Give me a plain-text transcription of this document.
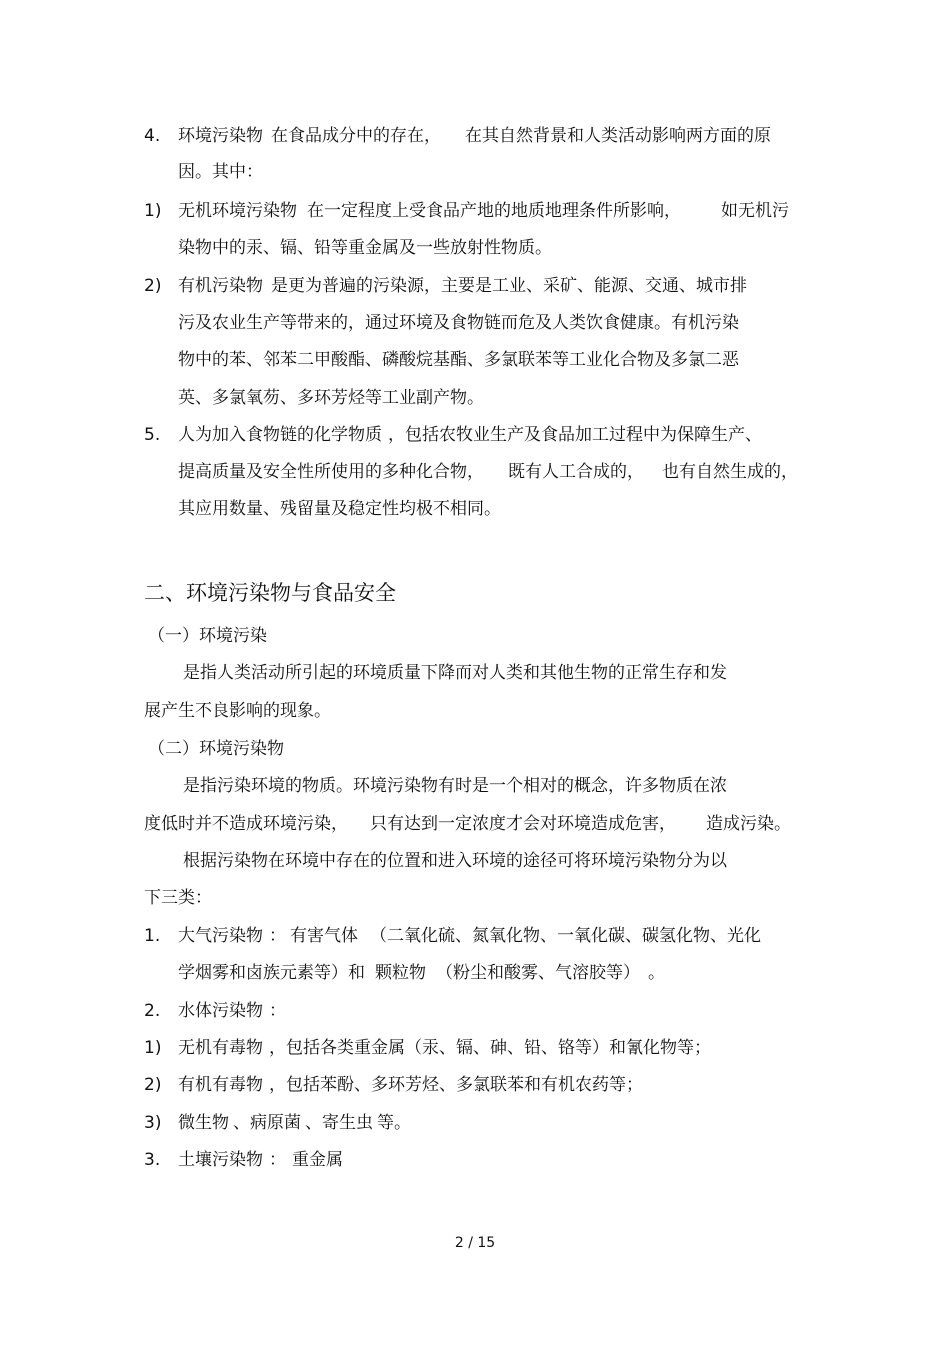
4. 环境污染物 在食品成分中的存在， 在其自然背景和人类活动影响两方面的原
因。其中：
1) 无机环境污染物 在一定程度上受食品产地的地质地理条件所影响， 如无机污
染物中的汞、镉、铅等重金属及一些放射性物质。
2) 有机污染物 是更为普遍的污染源，主要是工业、采矿、能源、交通、城市排
污及农业生产等带来的，通过环境及食物链而危及人类饮食健康。有机污染
物中的苯、邻苯二甲酸酯、磷酸烷基酯、多氯联苯等工业化合物及多氯二恶
英、多氯氧芴、多环芳烃等工业副产物。
5. 人为加入食物链的化学物质 ，包括农牧业生产及食品加工过程中为保障生产、
提高质量及安全性所使用的多种化合物， 既有人工合成的， 也有自然生成的，
其应用数量、残留量及稳定性均极不相同。
二、环境污染物与食品安全
（一）环境污染
是指人类活动所引起的环境质量下降而对人类和其他生物的正常生存和发
展产生不良影响的现象。
（二）环境污染物
是指污染环境的物质。环境污染物有时是一个相对的概念，许多物质在浓
度低时并不造成环境污染， 只有达到一定浓度才会对环境造成危害， 造成污染。
根据污染物在环境中存在的位置和进入环境的途径可将环境污染物分为以
下三类：
1. 大气污染物 ： 有害气体 （二氧化硫、氮氧化物、一氧化碳、碳氢化物、光化
学烟雾和卤族元素等）和 颗粒物 （粉尘和酸雾、气溶胶等） 。
2. 水体污染物 ：
1) 无机有毒物 ，包括各类重金属（汞、镉、砷、铅、铬等）和氰化物等；
2) 有机有毒物 ，包括苯酚、多环芳烃、多氯联苯和有机农药等；
3) 微生物 、病原菌 、寄生虫 等。
3. 土壤污染物 ： 重金属
2 / 15
